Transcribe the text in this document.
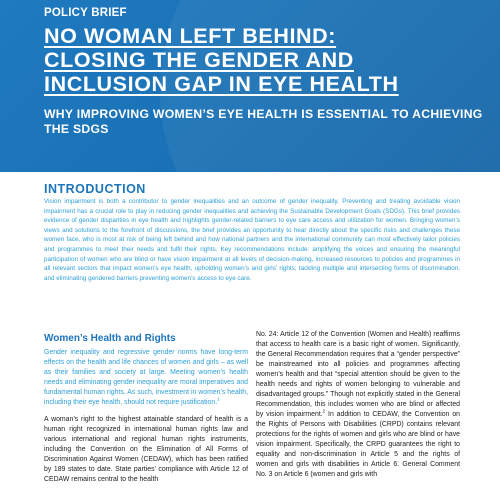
POLICY BRIEF
NO WOMAN LEFT BEHIND:
CLOSING THE GENDER AND
INCLUSION GAP IN EYE HEALTH
WHY IMPROVING WOMEN’S EYE HEALTH IS ESSENTIAL TO ACHIEVING THE SDGS
INTRODUCTION

Vision impairment is both a contributor to gender inequalities and an outcome of gender inequality. Preventing and treating avoidable vision impairment has a crucial role to play in reducing gender inequalities and achieving the Sustainable Development Goals (SDGs). This brief provides evidence of gender disparities in eye health and highlights gender-related barriers to eye care access and utilization for women. Bringing women’s views and solutions to the forefront of discussions, the brief provides an opportunity to hear directly about the specific risks and challenges these women face, who is most at risk of being left behind and how national partners and the international community can most effectively tailor policies and programmes to meet their needs and fulfil their rights. Key recommendations include: amplifying the voices and ensuring the meaningful participation of women who are blind or have vision impairment at all levels of decision-making, increased resources to policies and programmes in all relevant sectors that impact women’s eye health, upholding women’s and girls’ rights; tackling multiple and intersecting forms of discrimination, and eliminating gendered barriers preventing women’s access to eye care.

Women’s Health and Rights

Gender inequality and regressive gender norms have long-term effects on the health and life chances of women and girls – as well as their families and society at large. Meeting women’s health needs and eliminating gender inequality are moral imperatives and fundamental human rights. As such, investment in women’s health, including their eye health, should not require justification.$^1$

A woman’s right to the highest attainable standard of health is a human right recognized in international human rights law and various international and regional human rights instruments, including the Convention on the Elimination of All Forms of Discrimination Against Women (CEDAW), which has been ratified by 189 states to date. State parties’ compliance with Article 12 of CEDAW remains central to the health

No. 24: Article 12 of the Convention (Women and Health) reaffirms that access to health care is a basic right of women. Significantly, the General Recommendation requires that a “gender perspective” be mainstreamed into all policies and programmes affecting women’s health and that “special attention should be given to the health needs and rights of women belonging to vulnerable and disadvantaged groups.” Though not explicitly stated in the General Recommendation, this includes women who are blind or affected by vision impairment.$^2$ In addition to CEDAW, the Convention on the Rights of Persons with Disabilities (CRPD) contains relevant protections for the rights of women and girls who are blind or have vision impairment. Specifically, the CRPD guarantees the right to equality and non-discrimination in Article 5 and the rights of women and girls with disabilities in Article 6. General Comment No. 3 on Article 6 (women and girls with
